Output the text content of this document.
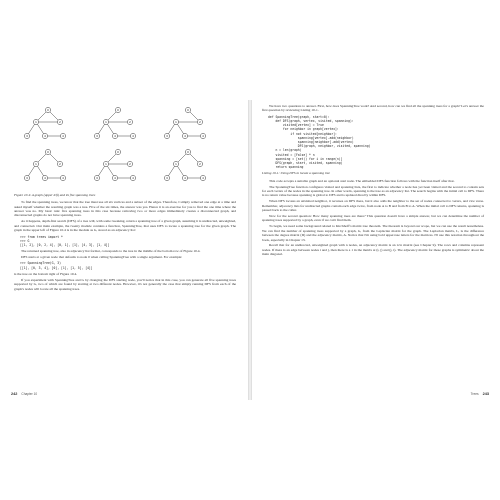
0
1	2
3	4	4
0
1	2
3	4	4
0
1	2
3	4	4
0
1	2
3	4	4
0
1	2
3	4	4
0
1	2
3	4	4
Figure 10.4: A graph (upper left) and its five spanning trees

To find the spanning trees, we know that the tree must use all six vertices and a subset of the edges. Therefore, I simply removed one edge at a time and asked myself whether the resulting graph was a tree. Five of the six times, the answer was yes. Hence it is an exercise for you to find the one time where the answer was no. My basic rule: five spanning trees in this case because removing two or more edges immediately creates a disconnected graph, and disconnected graphs do not have spanning trees.

As it happens, depth-first search (DFS) of a tree will, with some tweaking, return a spanning tree of a given graph, assuming it is undirected, unweighted, and connected. Our main example, the twenty module contains a function, SpanningTree, that uses DFS to locate a spanning tree for the given graph. The graph in the upper left of Figure 10.4 is in the module as G, stored as an adjacency list:

>>> from trees import *
>>> G
[[1, 2], [0, 2, 4], [0, 1], [1], [4, 3], [1, 4]]

The returned spanning tree, also in adjacency list format, corresponds to the tree in the middle of the bottom row of Figure 10.4.

DFS starts at a given node that defaults to node 0 when calling SpanningTree with a single argument. For example:

>>> SpanningTree(G, 3)
[[1], [0, 3, 4], [0], [1], [1, 5], [4]]

is the tree on the bottom right of Figure 10.4.

If you experiment with SpanningTree and G by changing the DFS starting node, you'll notice that in this case, you can generate all five spanning trees supported by G, two of which are found by starting at two different nodes. However, it's not generally the case that simply running DFS from each of the graph's nodes will locate all the spanning trees.

242 Chapter 10

We have two questions to answer. First, how does SpanningTree work? And second, how can we find all the spanning trees for a graph? Let's answer the first question by reviewing Listing 10-1.

def SpanningTree(graph, start=0):
def DFS(graph, vertex, visited, spanning):
visited[vertex] = True
for neighbor in graph[vertex]:
if not visited[neighbor]:
spanning[vertex].add(neighbor)
spanning[neighbor].add(vertex)
DFS(graph, neighbor, visited, spanning)
n = len(graph)
visited = [False] * n
spanning = [set() for i in range(n)]
DFS(graph, start, visited, spanning)
return spanning
Listing 10-1: Using DFS to locate a spanning tree

This code accepts a suitable graph and an optional start node. The embedded DFS function follows with the function itself after that.

The SpanningTree function configures visited and spanning lists, the first to indicate whether a node has yet been visited and the second to contain sets for each vertex of the nodes in the spanning tree. In other words, spanning is the tree as an adjacency list. The search begins with the initial call to DFS. There is no return value because spanning is global to DFS and is updated directly within DFS.

When DFS locates an unvisited neighbor, it recurses on DFS there, but it also adds the neighbor to the set of nodes connected to vertex, and vice versa. Remember, adjacency lists for undirected graphs contain each edge twice, from node A to B and from B to A. When the initial call to DFS returns, spanning is passed back to the caller.

Now for the second question: How many spanning trees are there? This question doesn't have a simple answer, but we can determine the number of spanning trees supported by a graph, even if we can't find them.

To begin, we need some background related to Kirchhoff's matrix tree theorem. The theorem is beyond our scope, but we can use the result nonetheless. We can find the number of spanning trees supported by a graph, G, from the Laplacian matrix for the graph. The Laplacian matrix, L, is the difference between the degree matrix (D) and the adjacency matrix, A. Notice that I'm using bold uppercase letters for the matrices. I'll use this notation throughout the book, especially in Chapter 13.

Recall that for an undirected, unweighted graph with n nodes, an adjacency matrix is an n×n matrix (see Chapter 9). The rows and columns represent nodes. If there is an edge between nodes i and j, then there is a 1 in the matrix at (i, j) and (j, i). The adjacency matrix for these graphs is symmetric about the main diagonal.

Trees 243
